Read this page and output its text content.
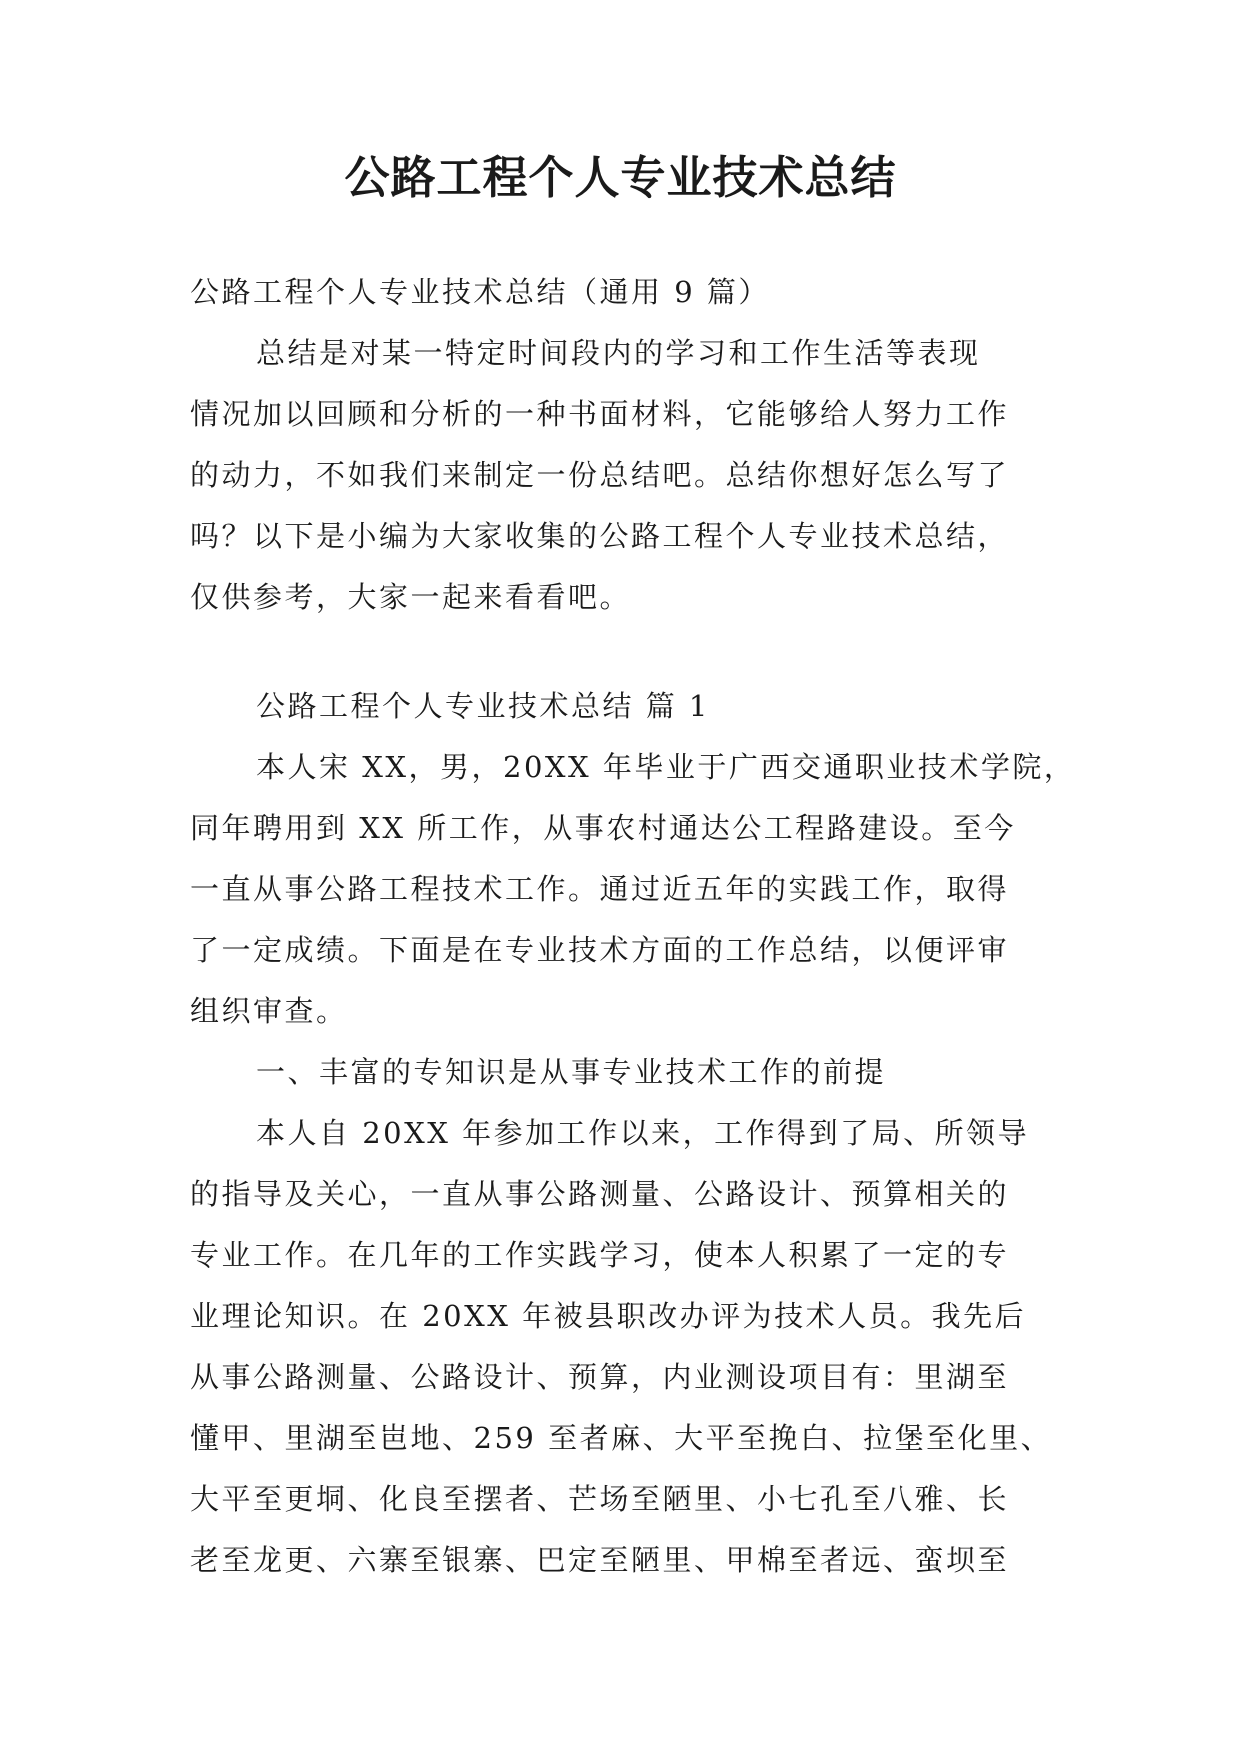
公路工程个人专业技术总结
公路工程个人专业技术总结（通用 9 篇）
总结是对某一特定时间段内的学习和工作生活等表现
情况加以回顾和分析的一种书面材料，它能够给人努力工作
的动力，不如我们来制定一份总结吧。总结你想好怎么写了
吗？以下是小编为大家收集的公路工程个人专业技术总结，
仅供参考，大家一起来看看吧。
公路工程个人专业技术总结 篇 1
本人宋 XX，男，20XX 年毕业于广西交通职业技术学院，
同年聘用到 XX 所工作，从事农村通达公工程路建设。至今
一直从事公路工程技术工作。通过近五年的实践工作，取得
了一定成绩。下面是在专业技术方面的工作总结，以便评审
组织审查。
一、丰富的专知识是从事专业技术工作的前提
本人自 20XX 年参加工作以来，工作得到了局、所领导
的指导及关心，一直从事公路测量、公路设计、预算相关的
专业工作。在几年的工作实践学习，使本人积累了一定的专
业理论知识。在 20XX 年被县职改办评为技术人员。我先后
从事公路测量、公路设计、预算，内业测设项目有：里湖至
懂甲、里湖至岜地、259 至者麻、大平至挽白、拉堡至化里、
大平至更垌、化良至摆者、芒场至陋里、小七孔至八雅、长
老至龙更、六寨至银寨、巴定至陋里、甲棉至者远、蛮坝至
